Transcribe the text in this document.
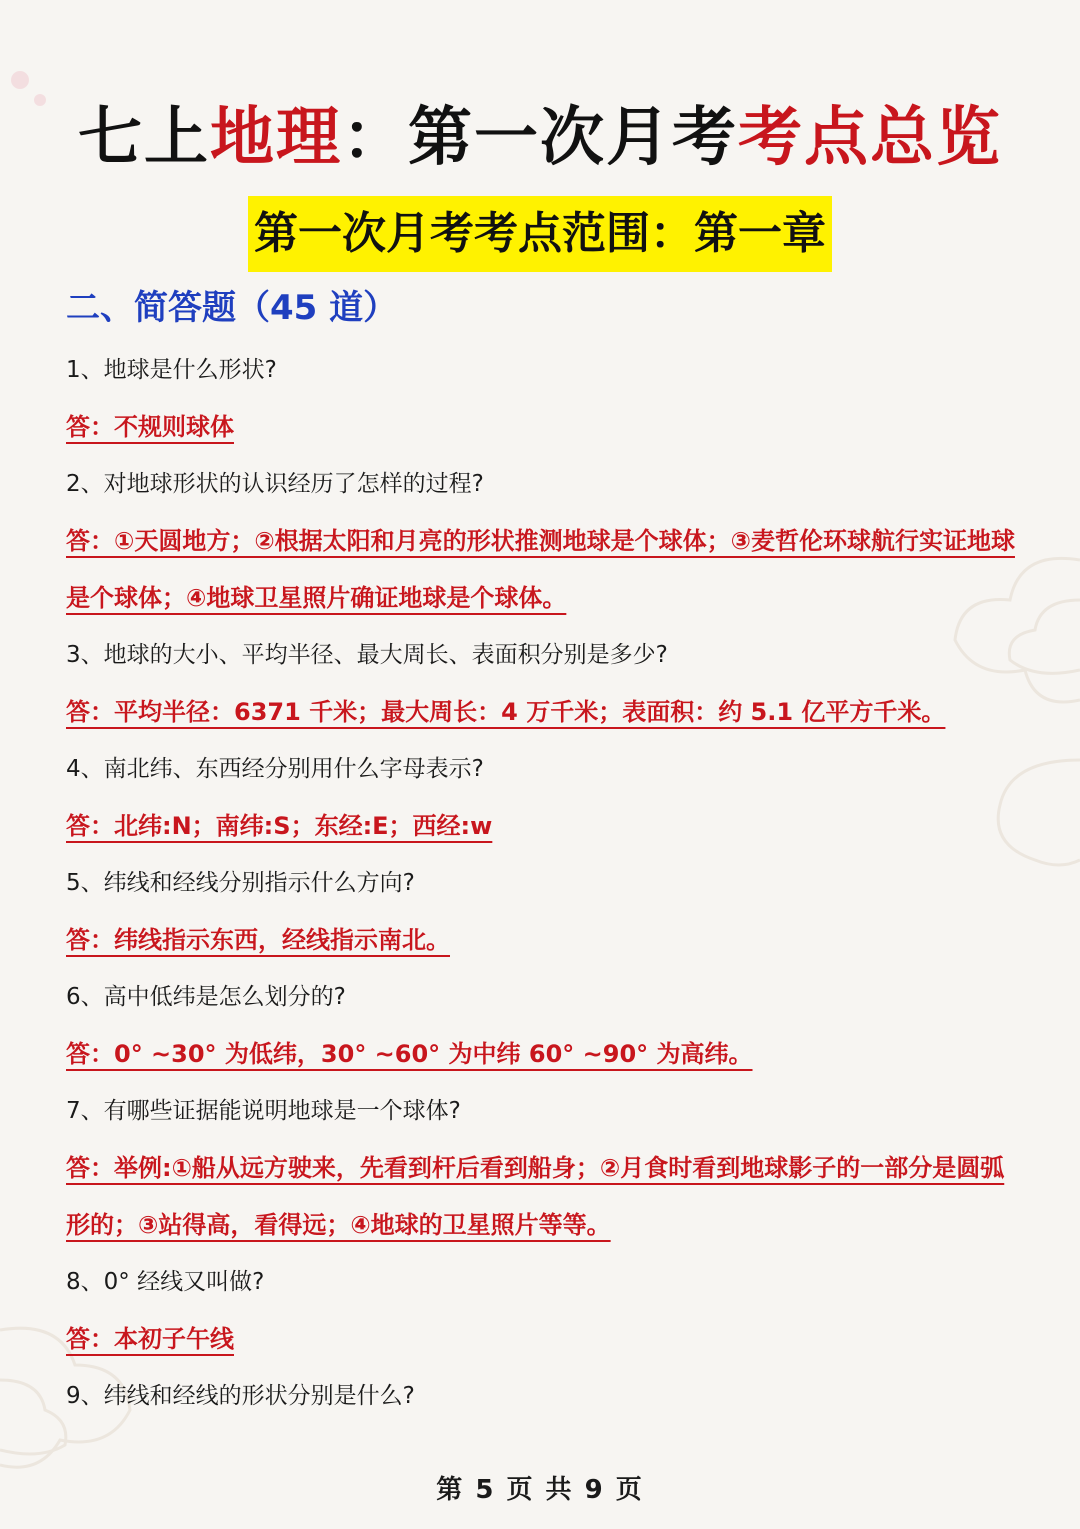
七上地理：第一次月考考点总览
第一次月考考点范围：第一章
二、简答题（45 道）
1、地球是什么形状?
答：不规则球体
2、对地球形状的认识经历了怎样的过程?
答：①天圆地方；②根据太阳和月亮的形状推测地球是个球体；③麦哲伦环球航行实证地球是个球体；④地球卫星照片确证地球是个球体。
3、地球的大小、平均半径、最大周长、表面积分别是多少?
答：平均半径：6371 千米；最大周长：4 万千米；表面积：约 5.1 亿平方千米。
4、南北纬、东西经分别用什么字母表示?
答：北纬:N；南纬:S；东经:E；西经:w
5、纬线和经线分别指示什么方向?
答：纬线指示东西，经线指示南北。
6、高中低纬是怎么划分的?
答：0° ~30° 为低纬，30° ~60° 为中纬 60° ~90° 为高纬。
7、有哪些证据能说明地球是一个球体?
答：举例:①船从远方驶来，先看到杆后看到船身；②月食时看到地球影子的一部分是圆弧形的；③站得高，看得远；④地球的卫星照片等等。
8、0° 经线又叫做?
答：本初子午线
9、纬线和经线的形状分别是什么?
第 5 页 共 9 页
